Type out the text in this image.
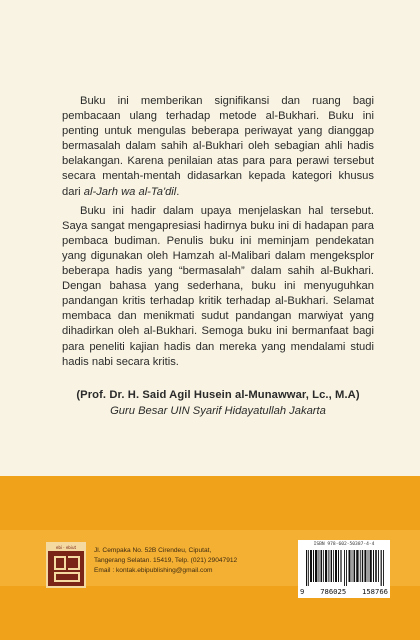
Buku ini memberikan signifikansi dan ruang bagi pembacaan ulang terhadap metode al-Bukhari. Buku ini penting untuk mengulas beberapa periwayat yang dianggap bermasalah dalam sahih al-Bukhari oleh sebagian ahli hadis belakangan. Karena penilaian atas para para perawi tersebut secara mentah-mentah didasarkan kepada kategori khusus dari al-Jarh wa al-Ta'dil.

Buku ini hadir dalam upaya menjelaskan hal tersebut. Saya sangat mengapresiasi hadirnya buku ini di hadapan para pembaca budiman. Penulis buku ini meminjam pendekatan yang digunakan oleh Hamzah al-Malibari dalam mengeksplor beberapa hadis yang “bermasalah” dalam sahih al-Bukhari. Dengan bahasa yang sederhana, buku ini menyuguhkan pandangan kritis terhadap kritik terhadap al-Bukhari. Selamat membaca dan menikmati sudut pandangan marwiyat yang dihadirkan oleh al-Bukhari. Semoga buku ini bermanfaat bagi para peneliti kajian hadis dan mereka yang mendalami studi hadis nabi secara kritis.

(Prof. Dr. H. Said Agil Husein al-Munawwar, Lc., M.A)
Guru Besar UIN Syarif Hidayatullah Jakarta
ebi · ebiut	Jl. Cempaka No. 52B Cirendeu, Ciputat,
Tangerang Selatan. 15419, Telp. (021) 29047912
Email : kontak.ebipublishing@gmail.com
ISBN 978-602-50387-4-4
9 786025 158766
